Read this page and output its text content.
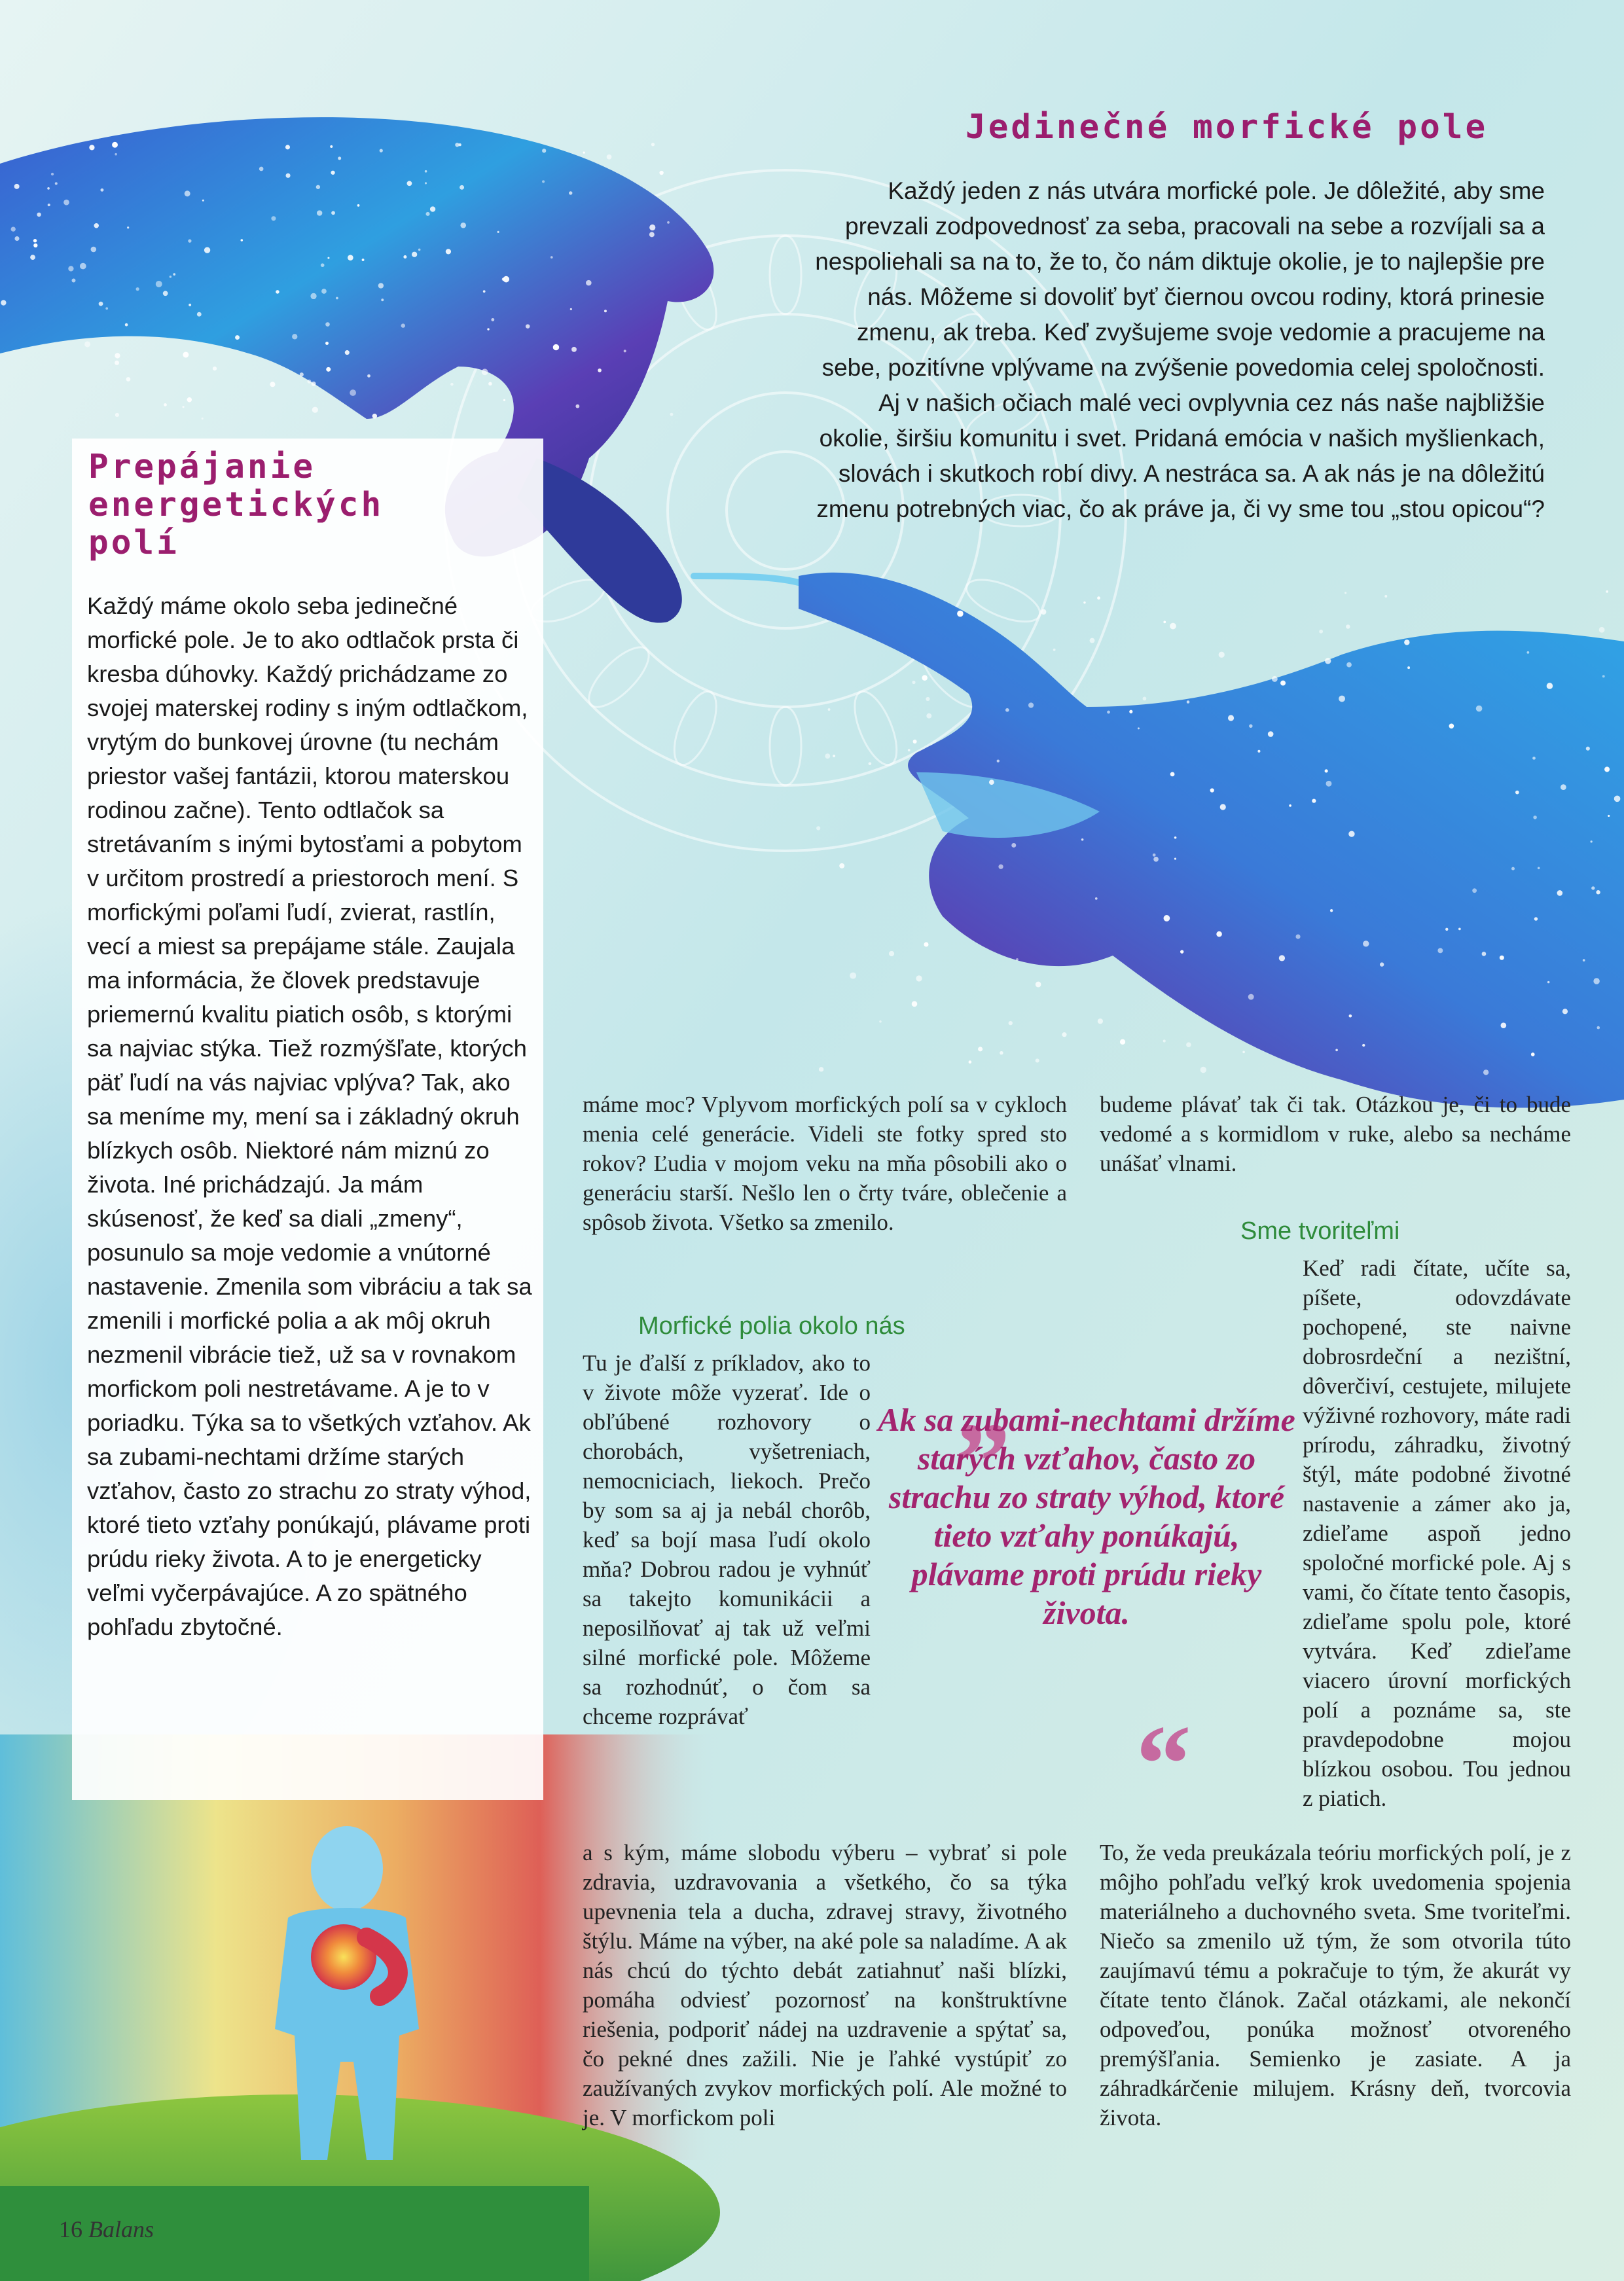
Jedinečné morfické pole
Každý jeden z nás utvára morfické pole. Je dôležité, aby sme prevzali zodpovednosť za seba, pracovali na sebe a rozvíjali sa a nespoliehali sa na to, že to, čo nám diktuje okolie, je to najlepšie pre nás. Môžeme si dovoliť byť čiernou ovcou rodiny, ktorá prinesie zmenu, ak treba. Keď zvyšujeme svoje vedomie a pracujeme na sebe, pozitívne vplývame na zvýšenie povedomia celej spoločnosti. Aj v našich očiach malé veci ovplyvnia cez nás naše najbližšie okolie, širšiu komunitu i svet. Pridaná emócia v našich myšlienkach, slovách i skutkoch robí divy. A nestráca sa. A ak nás je na dôležitú zmenu potrebných viac, čo ak práve ja, či vy sme tou „stou opicou“?
Prepájanie energetických polí
Každý máme okolo seba jedinečné morfické pole. Je to ako odtlačok prsta či kresba dúhovky. Každý prichádzame zo svojej materskej rodiny s iným odtlačkom, vrytým do bunkovej úrovne (tu nechám priestor vašej fantázii, ktorou materskou rodinou začne). Tento odtlačok sa stretávaním s inými bytosťami a pobytom v určitom prostredí a priestoroch mení. S morfickými poľami ľudí, zvierat, rastlín, vecí a miest sa prepájame stále. Zaujala ma informácia, že človek predstavuje priemernú kvalitu piatich osôb, s ktorými sa najviac stýka. Tiež rozmýšľate, ktorých päť ľudí na vás najviac vplýva? Tak, ako sa meníme my, mení sa i základný okruh blízkych osôb. Niektoré nám miznú zo života. Iné prichádzajú. Ja mám skúsenosť, že keď sa diali „zmeny“, posunulo sa moje vedomie a vnútorné nastavenie. Zmenila som vibráciu a tak sa zmenili i morfické polia a ak môj okruh nezmenil vibrácie tiež, už sa v rovnakom morfickom poli nestretávame. A je to v poriadku. Týka sa to všetkých vzťahov. Ak sa zubami-nechtami držíme starých vzťahov, často zo strachu zo straty výhod, ktoré tieto vzťahy ponúkajú, plávame proti prúdu rieky života. A to je energeticky veľmi vyčerpávajúce. A zo spätného pohľadu zbytočné.
máme moc? Vplyvom morfických polí sa v cykloch menia celé generácie. Videli ste fotky spred sto rokov? Ľudia v mojom veku na mňa pôsobili ako o generáciu starší. Nešlo len o črty tváre, oblečenie a spôsob života. Všetko sa zmenilo.
Morfické polia okolo nás
Tu je ďalší z príkladov, ako to v živote môže vyzerať. Ide o obľúbené rozhovory o chorobách, vyšetreniach, nemocniciach, liekoch. Prečo by som sa aj ja nebál chorôb, keď sa bojí masa ľudí okolo mňa? Dobrou radou je vyhnúť sa takejto komunikácii a neposilňovať aj tak už veľmi silné morfické pole. Môžeme sa rozhodnúť, o čom sa chceme rozprávať
a s kým, máme slobodu výberu – vybrať si pole zdravia, uzdravovania a všetkého, čo sa týka upevnenia tela a ducha, zdravej stravy, životného štýlu. Máme na výber, na aké pole sa naladíme. A ak nás chcú do týchto debát zatiahnuť naši blízki, pomáha odviesť pozornosť na konštruktívne riešenia, podporiť nádej na uzdravenie a spýtať sa, čo pekné dnes zažili. Nie je ľahké vystúpiť zo zaužívaných zvykov morfických polí. Ale možné to je. V morfickom poli
budeme plávať tak či tak. Otázkou je, či to bude vedomé a s kormidlom v ruke, alebo sa necháme unášať vlnami.
Sme tvoriteľmi
Keď radi čítate, učíte sa, píšete, odovzdávate pochopené, ste naivne dobrosrdeční a nezištní, dôverčiví, cestujete, milujete výživné rozhovory, máte radi prírodu, záhradku, životný štýl, máte podobné životné nastavenie a zámer ako ja, zdieľame aspoň jedno spoločné morfické pole. Aj s vami, čo čítate tento časopis, zdieľame spolu pole, ktoré vytvára. Keď zdieľame viacero úrovní morfických polí a poznáme sa, ste pravdepodobne mojou blízkou osobou. Tou jednou z piatich.
To, že veda preukázala teóriu morfických polí, je z môjho pohľadu veľký krok uvedomenia spojenia materiálneho a duchovného sveta. Sme tvoriteľmi. Niečo sa zmenilo už tým, že som otvorila túto zaujímavú tému a pokračuje to tým, že akurát vy čítate tento článok. Začal otázkami, ale nekončí odpoveďou, ponúka možnosť otvoreného premýšľania. Semienko je zasiate. A ja záhradkárčenie milujem. Krásny deň, tvorcovia života.
„
Ak sa zubami-nechtami držíme starých vzťahov, často zo strachu zo straty výhod, ktoré tieto vzťahy ponúkajú, plávame proti prúdu rieky života.
“
16 Balans
